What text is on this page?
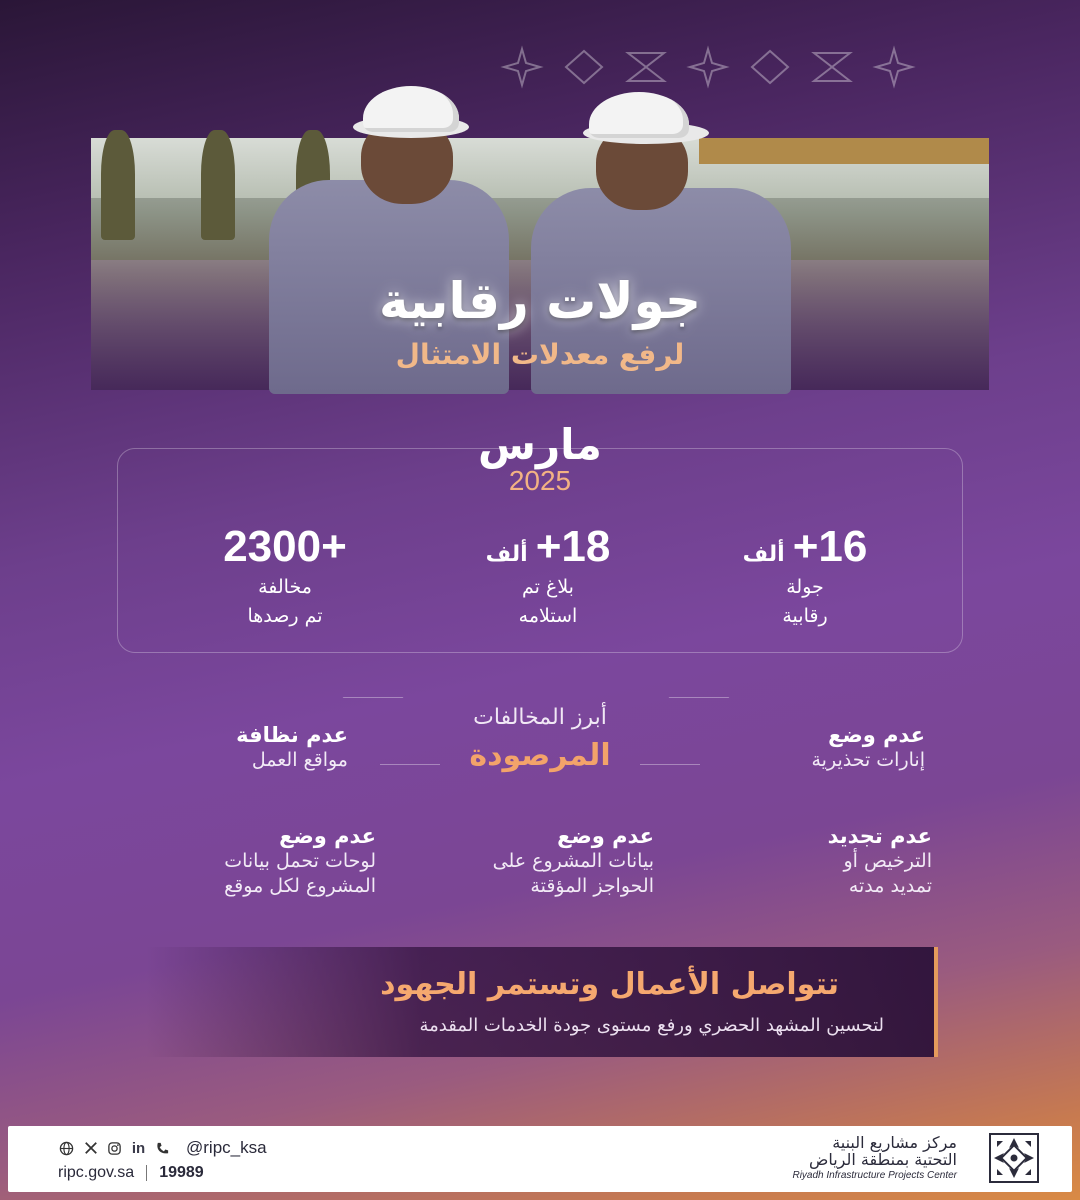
جولات رقابية
لرفع معدلات الامتثال
مارس
2025
ألف +16
جولة
رقابية
ألف +18
بلاغ تم
استلامه
2300+
مخالفة
تم رصدها
أبرز المخالفات
المرصودة
عدم وضع
إنارات تحذيرية
عدم نظافة
مواقع العمل
عدم تجديد
الترخيص أو
تمديد مدته
عدم وضع
بيانات المشروع على
الحواجز المؤقتة
عدم وضع
لوحات تحمل بيانات
المشروع لكل موقع
تتواصل الأعمال وتستمر الجهود
لتحسين المشهد الحضري ورفع مستوى جودة الخدمات المقدمة
in @ripc_ksa
ripc.gov.sa 19989
مركز مشاريع البنية
التحتية بمنطقة الرياض
Riyadh Infrastructure Projects Center
